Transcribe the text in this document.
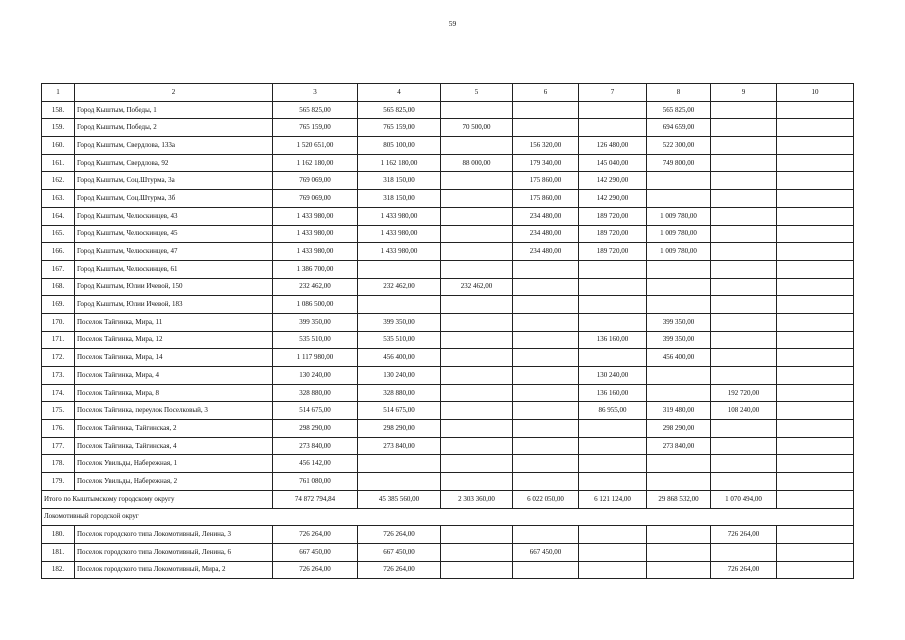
59
1	2	3	4	5	6	7	8	9	10
158.	Город Кыштым, Победы, 1	565 825,00	565 825,00				565 825,00		
159.	Город Кыштым, Победы, 2	765 159,00	765 159,00	70 500,00			694 659,00		
160.	Город Кыштым, Свердлова, 133а	1 520 651,00	805 100,00		156 320,00	126 480,00	522 300,00		
161.	Город Кыштым, Свердлова, 92	1 162 180,00	1 162 180,00	88 000,00	179 340,00	145 040,00	749 800,00		
162.	Город Кыштым, Соц.Штурма, 3а	769 069,00	318 150,00		175 860,00	142 290,00			
163.	Город Кыштым, Соц.Штурма, 3б	769 069,00	318 150,00		175 860,00	142 290,00			
164.	Город Кыштым, Челюскинцев, 43	1 433 980,00	1 433 980,00		234 480,00	189 720,00	1 009 780,00		
165.	Город Кыштым, Челюскинцев, 45	1 433 980,00	1 433 980,00		234 480,00	189 720,00	1 009 780,00		
166.	Город Кыштым, Челюскинцев, 47	1 433 980,00	1 433 980,00		234 480,00	189 720,00	1 009 780,00		
167.	Город Кыштым, Челюскинцев, 61	1 386 700,00							
168.	Город Кыштым, Юлии Ичевой, 150	232 462,00	232 462,00	232 462,00					
169.	Город Кыштым, Юлии Ичевой, 183	1 086 500,00							
170.	Поселок Тайгинка, Мира, 11	399 350,00	399 350,00				399 350,00		
171.	Поселок Тайгинка, Мира, 12	535 510,00	535 510,00			136 160,00	399 350,00		
172.	Поселок Тайгинка, Мира, 14	1 117 980,00	456 400,00				456 400,00		
173.	Поселок Тайгинка, Мира, 4	130 240,00	130 240,00			130 240,00			
174.	Поселок Тайгинка, Мира, 8	328 880,00	328 880,00			136 160,00		192 720,00	
175.	Поселок Тайгинка, переулок Поселковый, 3	514 675,00	514 675,00			86 955,00	319 480,00	108 240,00	
176.	Поселок Тайгинка, Тайгинская, 2	298 290,00	298 290,00				298 290,00		
177.	Поселок Тайгинка, Тайгинская, 4	273 840,00	273 840,00				273 840,00		
178.	Поселок Увильды, Набережная, 1	456 142,00							
179.	Поселок Увильды, Набережная, 2	761 080,00							
Итого по Кыштымскому городскому округу		74 872 794,84	45 385 560,00	2 303 360,00	6 022 050,00	6 121 124,00	29 868 532,00	1 070 494,00	
Локомотивный городской округ									
180.	Поселок городского типа Локомотивный, Ленина, 3	726 264,00	726 264,00					726 264,00	
181.	Поселок городского типа Локомотивный, Ленина, 6	667 450,00	667 450,00		667 450,00				
182.	Поселок городского типа Локомотивный, Мира, 2	726 264,00	726 264,00					726 264,00	
